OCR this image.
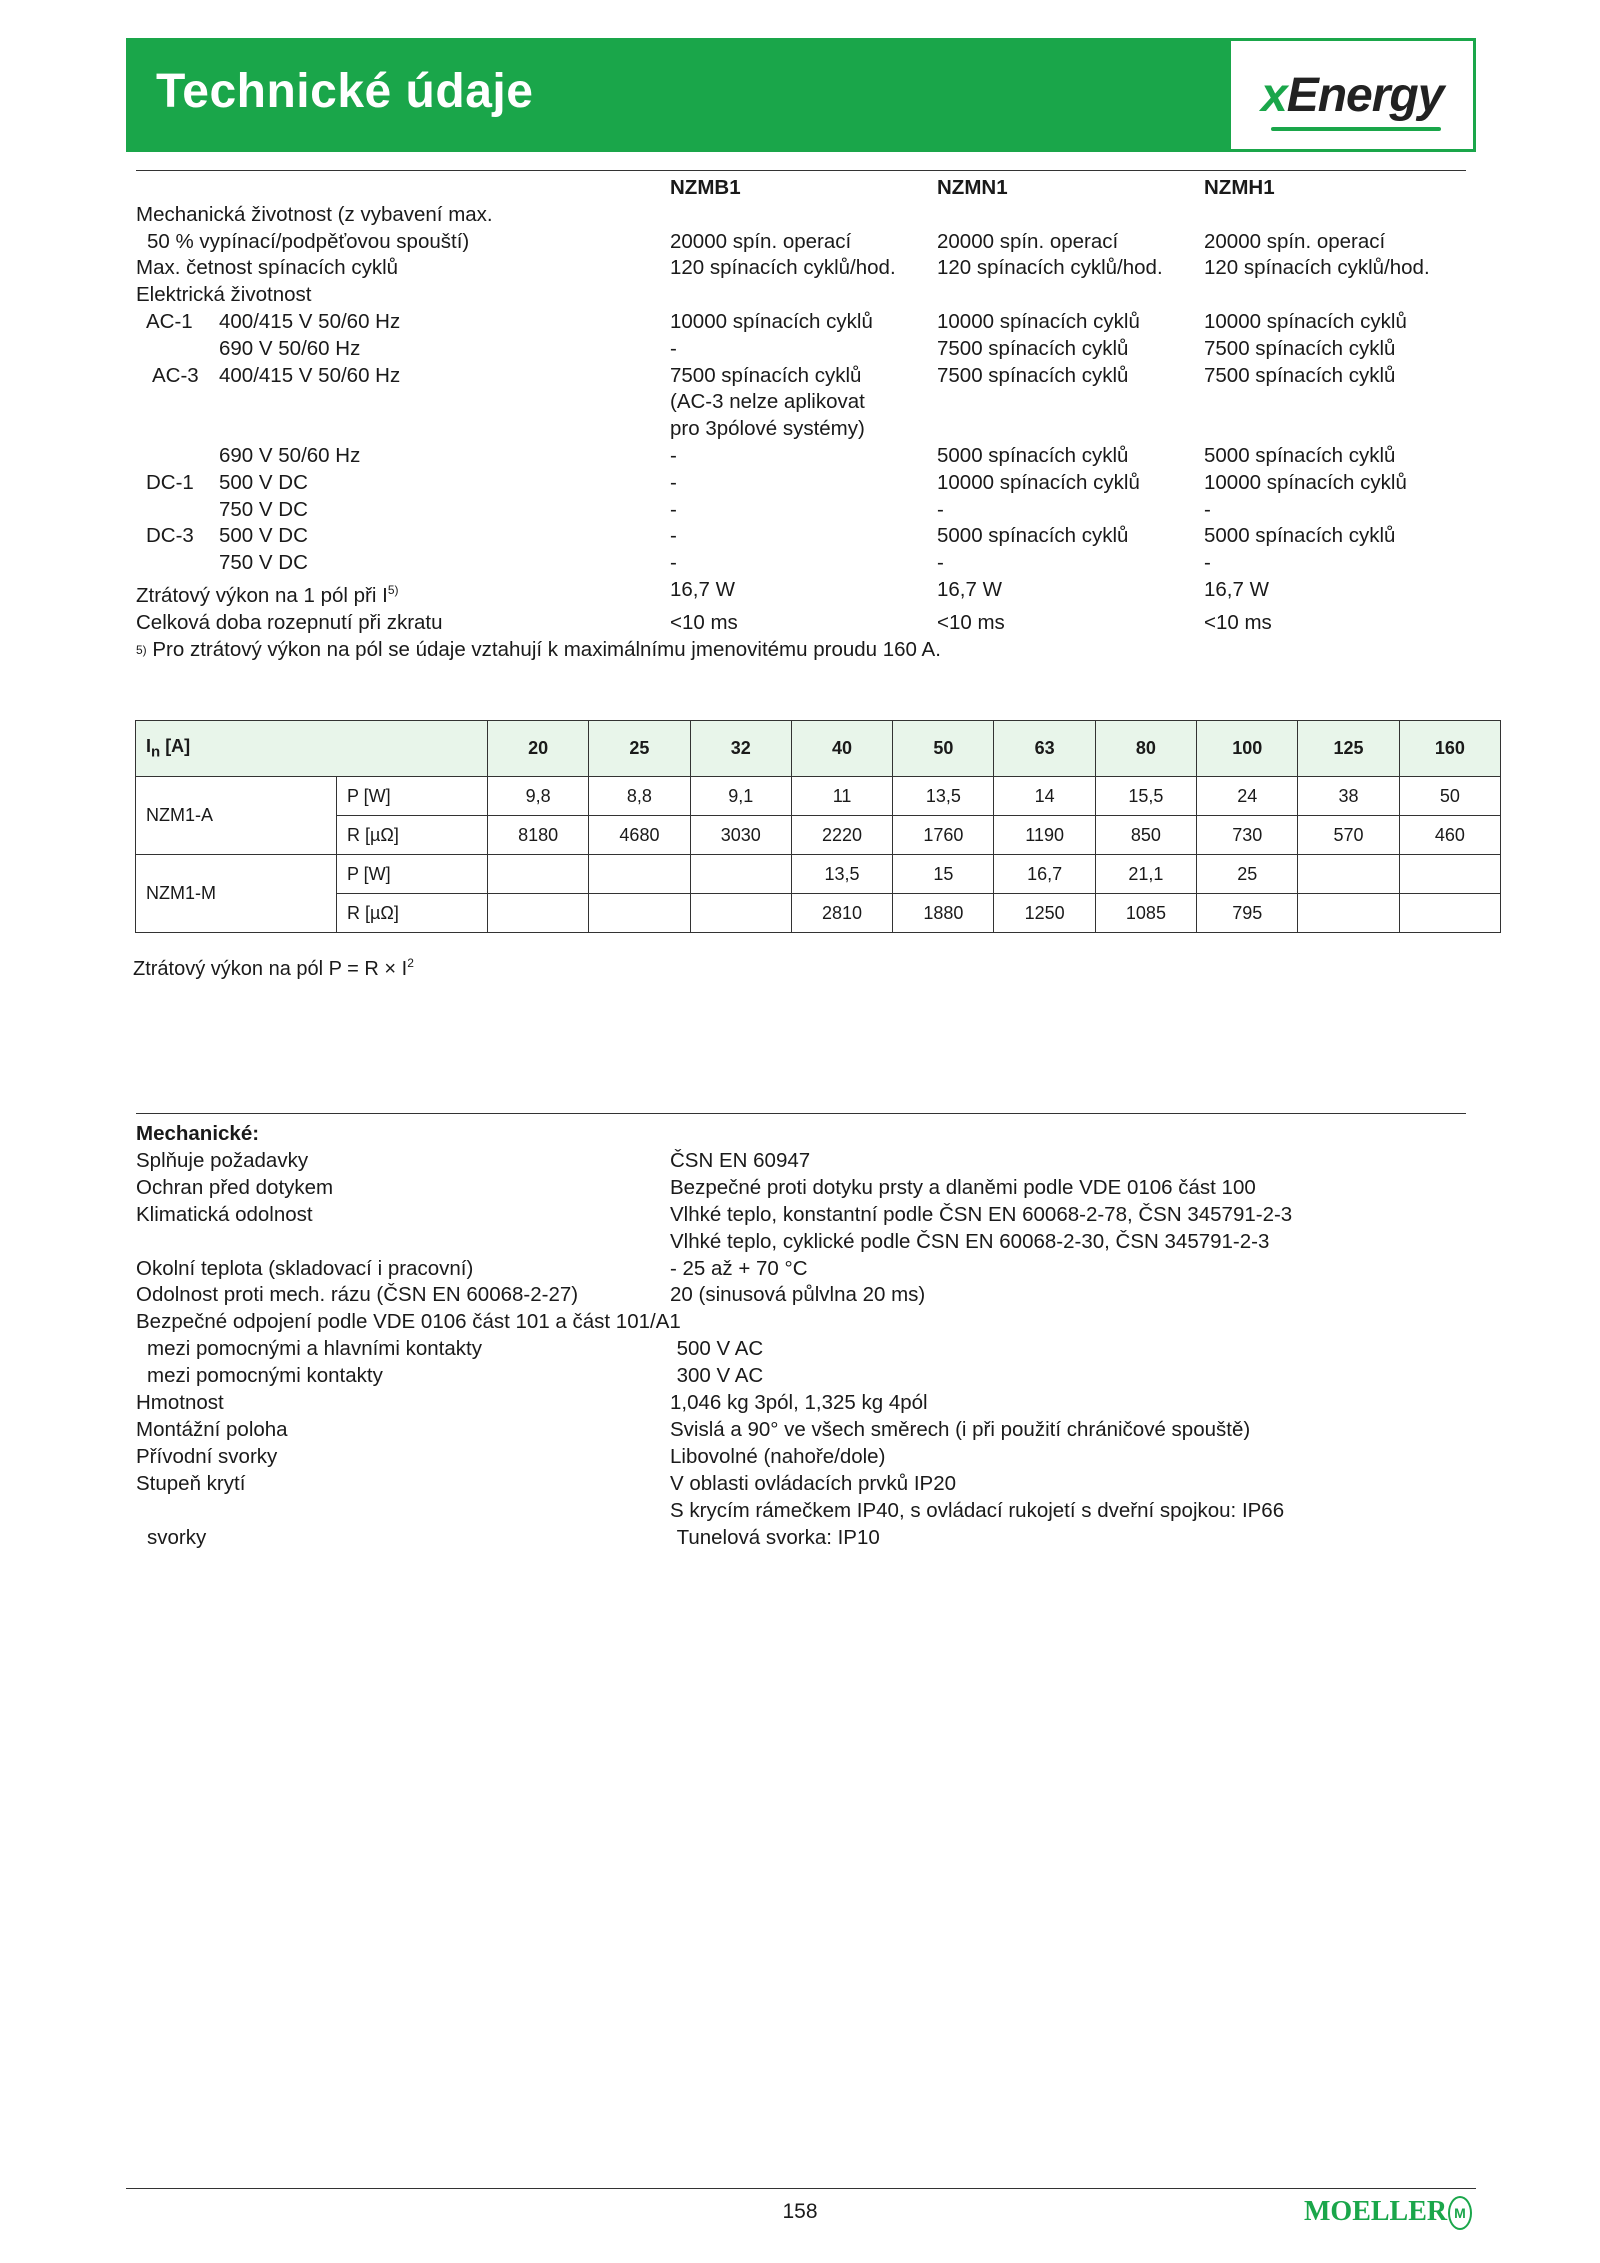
Technické údaje	xEnergy
NZMB1	NZMN1	NZMH1
Mechanická životnost (z vybavení max.
50 % vypínací/podpěťovou spouští)	20000 spín. operací	20000 spín. operací	20000 spín. operací
Max. četnost spínacích cyklů	120 spínacích cyklů/hod.	120 spínacích cyklů/hod.	120 spínacích cyklů/hod.
Elektrická životnost
AC-1 400/415 V 50/60 Hz	10000 spínacích cyklů	10000 spínacích cyklů	10000 spínacích cyklů
690 V 50/60 Hz	-	7500 spínacích cyklů	7500 spínacích cyklů
AC-3 400/415 V 50/60 Hz	7500 spínacích cyklů	7500 spínacích cyklů	7500 spínacích cyklů
(AC-3 nelze aplikovat
pro 3pólové systémy)
690 V 50/60 Hz	-	5000 spínacích cyklů	5000 spínacích cyklů
DC-1 500 V DC	-	10000 spínacích cyklů	10000 spínacích cyklů
750 V DC	-	-	-
DC-3 500 V DC	-	5000 spínacích cyklů	5000 spínacích cyklů
750 V DC	-	-	-
Ztrátový výkon na 1 pól při $I^{5)}$	16,7 W	16,7 W	16,7 W
Celková doba rozepnutí při zkratu	<10 ms	<10 ms	<10 ms
5)
Pro ztrátový výkon na pól se údaje vztahují k maximálnímu jmenovitému proudu 160 A.
$I_n$ [A]		20	25	32	40	50	63	80	100	125	160
NZM1-A	P [W]	9,8	8,8	9,1	11	13,5	14	15,5	24	38	50
	R [µΩ]	8180	4680	3030	2220	1760	1190	850	730	570	460
NZM1-M	P [W]				13,5	15	16,7	21,1	25		
	R [µΩ]				2810	1880	1250	1085	795		
Ztrátový výkon na pól $P = R \times I^2$
Mechanické:
Splňuje požadavky	ČSN EN 60947
Ochran před dotykem	Bezpečné proti dotyku prsty a dlaněmi podle VDE 0106 část 100
Klimatická odolnost	Vlhké teplo, konstantní podle ČSN EN 60068-2-78, ČSN 345791-2-3
Vlhké teplo, cyklické podle ČSN EN 60068-2-30, ČSN 345791-2-3
Okolní teplota (skladovací i pracovní)	- 25 až + 70 °C
Odolnost proti mech. rázu (ČSN EN 60068-2-27)	20 (sinusová půlvlna 20 ms)
Bezpečné odpojení podle VDE 0106 část 101 a část 101/A1
mezi pomocnými a hlavními kontakty	500 V AC
mezi pomocnými kontakty	300 V AC
Hmotnost	1,046 kg 3pól, 1,325 kg 4pól
Montážní poloha	Svislá a 90° ve všech směrech (i při použití chráničové spouště)
Přívodní svorky	Libovolné (nahoře/dole)
Stupeň krytí	V oblasti ovládacích prvků IP20
S krycím rámečkem IP40, s ovládací rukojetí s dveřní spojkou: IP66
svorky	Tunelová svorka: IP10
158	MOELLER M
